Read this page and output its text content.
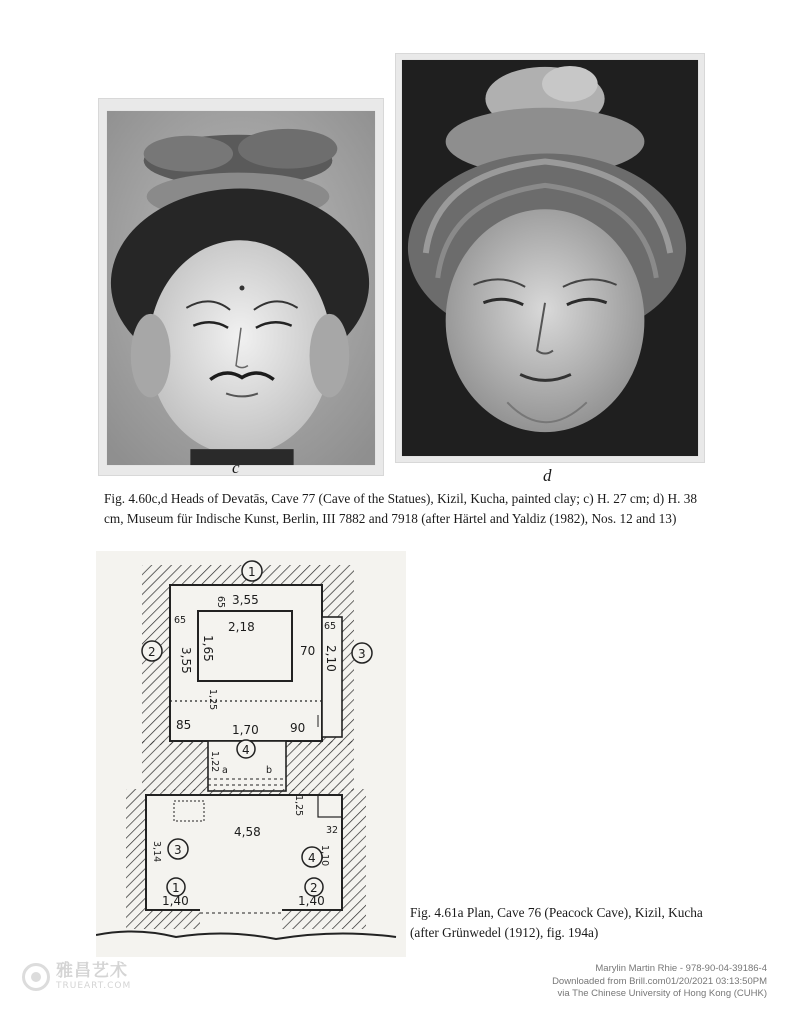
c	d
Fig. 4.60c,d Heads of Devatās, Cave 77 (Cave of the Statues), Kizil, Kucha, painted clay; c) H. 27 cm; d) H. 38 cm, Museum für Indische Kunst, Berlin, III 7882 and 7918 (after Härtel and Yaldiz (1982), Nos. 12 and 13)
1
2	3
4
3
4
1	2
3,55
65
65
65
3,55
2,18
1,65	70 2,10
1,25
85	1,70	90
1,22 a	b
1,25
4,58
3,14
32
1,10
1,40	1,40
Fig. 4.61a Plan, Cave 76 (Peacock Cave), Kizil, Kucha (after Grünwedel (1912), fig. 194a)
雅昌艺术
TRUEART.COM
Marylin Martin Rhie - 978-90-04-39186-4
Downloaded from Brill.com01/20/2021 03:13:50PM
via The Chinese University of Hong Kong (CUHK)
